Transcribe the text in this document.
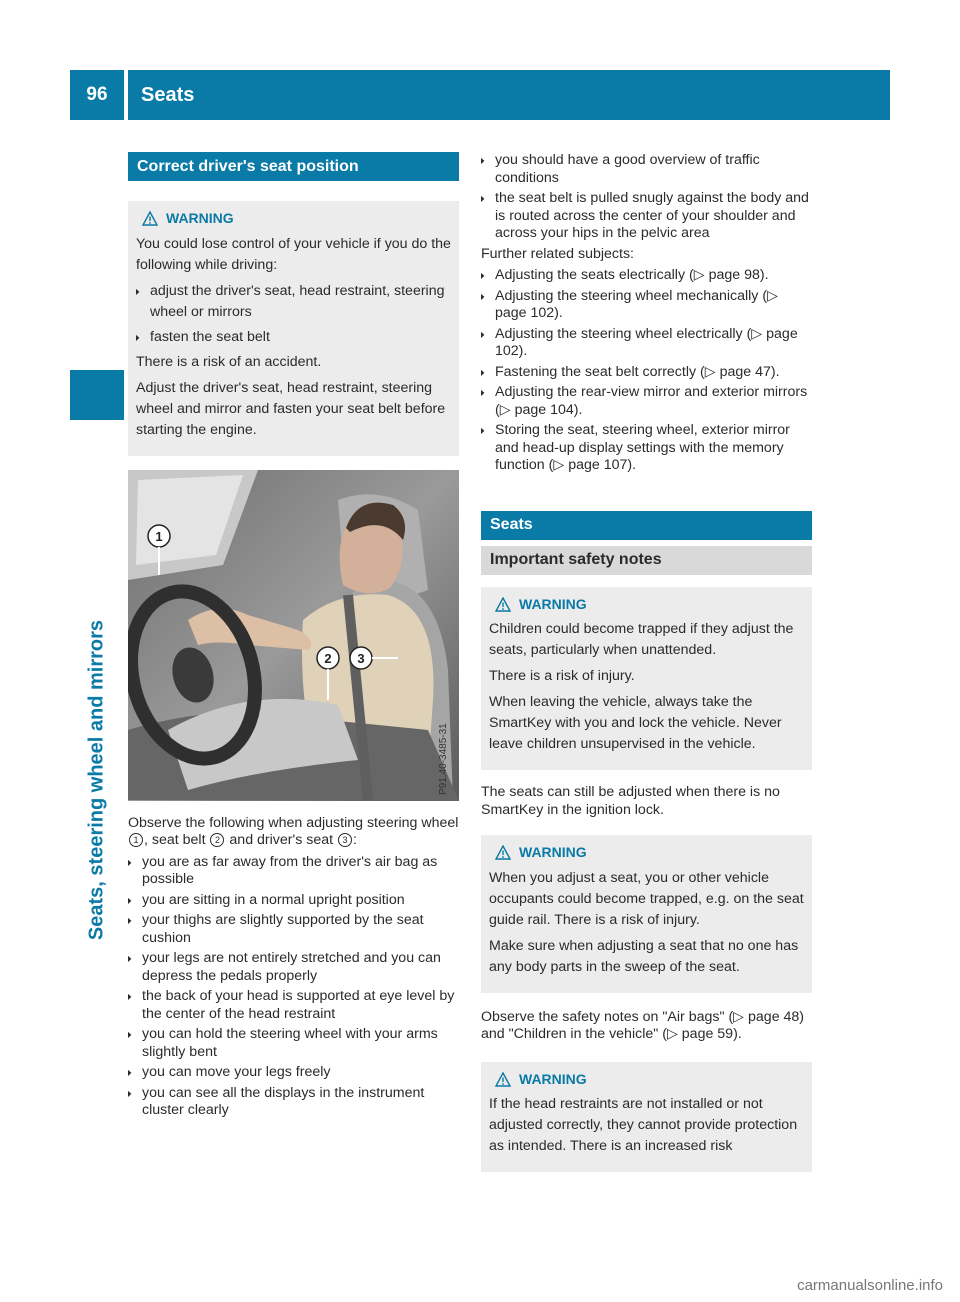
96	Seats
Seats, steering wheel and mirrors
Correct driver's seat position
WARNING

You could lose control of your vehicle if you do the following while driving:

▶ adjust the driver's seat, head restraint, steering wheel or mirrors
▶ fasten the seat belt

There is a risk of an accident.

Adjust the driver's seat, head restraint, steering wheel and mirror and fasten your seat belt before starting the engine.

1
2 3
P91.40-3485-31

Observe the following when adjusting steering wheel 1 , seat belt 2 and driver's seat 3 :

▶ you are as far away from the driver's air bag as possible
▶ you are sitting in a normal upright position
▶ your thighs are slightly supported by the seat cushion
▶ your legs are not entirely stretched and you can depress the pedals properly
▶ the back of your head is supported at eye level by the center of the head restraint
▶ you can hold the steering wheel with your arms slightly bent
▶ you can move your legs freely
▶ you can see all the displays in the instrument cluster clearly
▶ you should have a good overview of traffic conditions
▶ the seat belt is pulled snugly against the body and is routed across the center of your shoulder and across your hips in the pelvic area

Further related subjects:

▶ Adjusting the seats electrically (▷ page 98).
▶ Adjusting the steering wheel mechanically (▷ page 102).
▶ Adjusting the steering wheel electrically (▷ page 102).
▶ Fastening the seat belt correctly (▷ page 47).
▶ Adjusting the rear-view mirror and exterior mirrors (▷ page 104).
▶ Storing the seat, steering wheel, exterior mirror and head-up display settings with the memory function (▷ page 107).
Seats
Important safety notes
WARNING

Children could become trapped if they adjust the seats, particularly when unattended.

There is a risk of injury.

When leaving the vehicle, always take the SmartKey with you and lock the vehicle. Never leave children unsupervised in the vehicle.

The seats can still be adjusted when there is no SmartKey in the ignition lock.

WARNING

When you adjust a seat, you or other vehicle occupants could become trapped, e.g. on the seat guide rail. There is a risk of injury.

Make sure when adjusting a seat that no one has any body parts in the sweep of the seat.

Observe the safety notes on "Air bags" (▷ page 48) and "Children in the vehicle" (▷ page 59).

WARNING

If the head restraints are not installed or not adjusted correctly, they cannot provide protection as intended. There is an increased risk

carmanualsonline.info
